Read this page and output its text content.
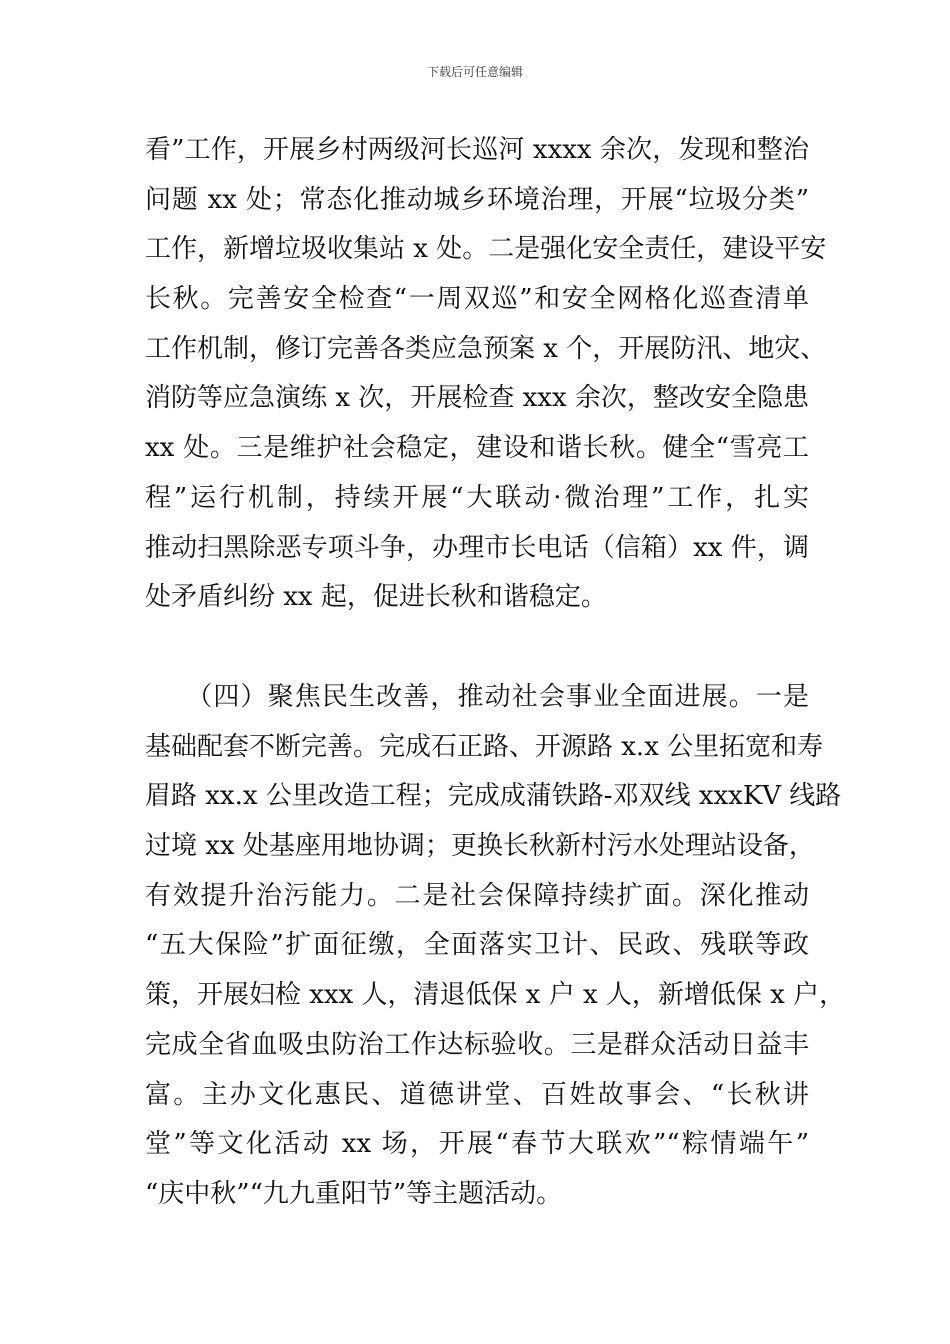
下载后可任意编辑
看”工作，开展乡村两级河长巡河 xxxx 余次，发现和整治
问题 xx 处；常态化推动城乡环境治理，开展“垃圾分类”
工作，新增垃圾收集站 x 处。二是强化安全责任，建设平安
长秋。完善安全检查“一周双巡”和安全网格化巡查清单
工作机制，修订完善各类应急预案 x 个，开展防汛、地灾、
消防等应急演练 x 次，开展检查 xxx 余次，整改安全隐患
xx 处。三是维护社会稳定，建设和谐长秋。健全“雪亮工
程”运行机制，持续开展“大联动·微治理”工作，扎实
推动扫黑除恶专项斗争，办理市长电话（信箱）xx 件，调
处矛盾纠纷 xx 起，促进长秋和谐稳定。
　　（四）聚焦民生改善，推动社会事业全面进展。一是
基础配套不断完善。完成石正路、开源路 x.x 公里拓宽和寿
眉路 xx.x 公里改造工程；完成成蒲铁路-邓双线 xxxKV 线路
过境 xx 处基座用地协调；更换长秋新村污水处理站设备，
有效提升治污能力。二是社会保障持续扩面。深化推动
“五大保险”扩面征缴，全面落实卫计、民政、残联等政
策，开展妇检 xxx 人，清退低保 x 户 x 人，新增低保 x 户，
完成全省血吸虫防治工作达标验收。三是群众活动日益丰
富。主办文化惠民、道德讲堂、百姓故事会、“长秋讲
堂”等文化活动 xx 场，开展“春节大联欢”“粽情端午”
“庆中秋”“九九重阳节”等主题活动。
